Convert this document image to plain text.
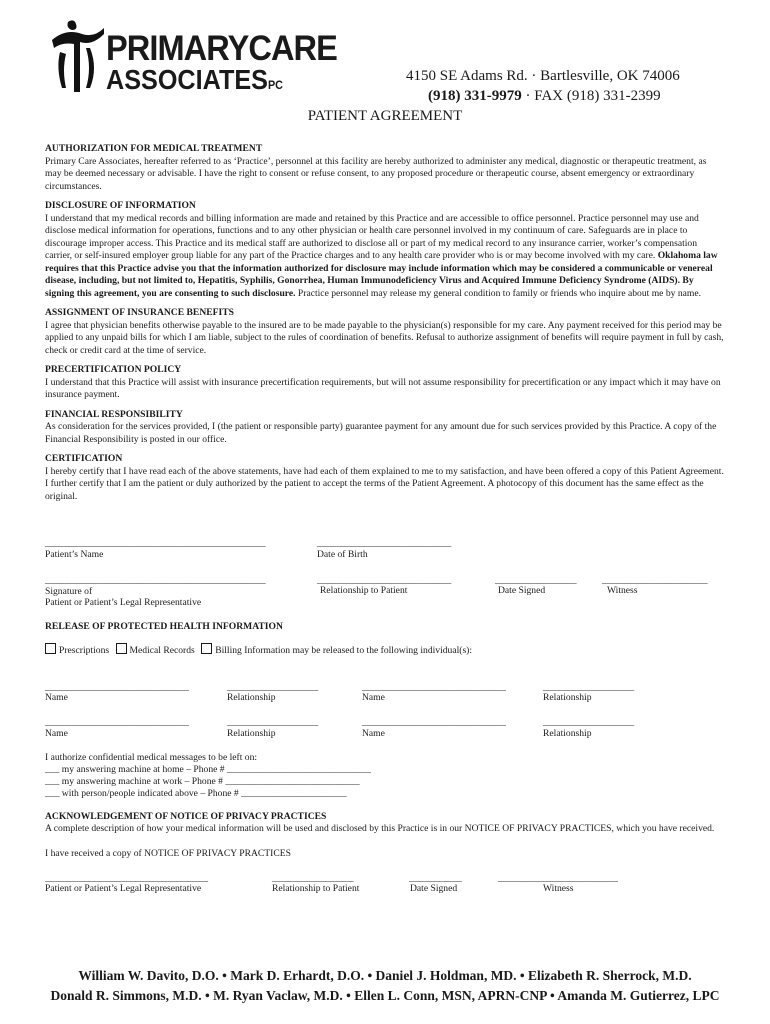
PRIMARYCARE
ASSOCIATESPC
4150 SE Adams Rd. · Bartlesville, OK 74006
(918) 331-9979 · FAX (918) 331-2399
PATIENT AGREEMENT
AUTHORIZATION FOR MEDICAL TREATMENT
Primary Care Associates, hereafter referred to as ‘Practice’, personnel at this facility are hereby authorized to administer any medical, diagnostic or therapeutic treatment, as may be deemed necessary or advisable. I have the right to consent or refuse consent, to any proposed procedure or therapeutic course, absent emergency or extraordinary circumstances.
DISCLOSURE OF INFORMATION
I understand that my medical records and billing information are made and retained by this Practice and are accessible to office personnel. Practice personnel may use and disclose medical information for operations, functions and to any other physician or health care personnel involved in my continuum of care. Safeguards are in place to discourage improper access. This Practice and its medical staff are authorized to disclose all or part of my medical record to any insurance carrier, worker’s compensation carrier, or self-insured employer group liable for any part of the Practice charges and to any health care provider who is or may become involved with my care. Oklahoma law requires that this Practice advise you that the information authorized for disclosure may include information which may be considered a communicable or venereal disease, including, but not limited to, Hepatitis, Syphilis, Gonorrhea, Human Immunodeficiency Virus and Acquired Immune Deficiency Syndrome (AIDS). By signing this agreement, you are consenting to such disclosure. Practice personnel may release my general condition to family or friends who inquire about me by name.
ASSIGNMENT OF INSURANCE BENEFITS
I agree that physician benefits otherwise payable to the insured are to be made payable to the physician(s) responsible for my care. Any payment received for this period may be applied to any unpaid bills for which I am liable, subject to the rules of coordination of benefits. Refusal to authorize assignment of benefits will require payment in full by cash, check or credit card at the time of service.
PRECERTIFICATION POLICY
I understand that this Practice will assist with insurance precertification requirements, but will not assume responsibility for precertification or any impact which it may have on insurance payment.
FINANCIAL RESPONSIBILITY
As consideration for the services provided, I (the patient or responsible party) guarantee payment for any amount due for such services provided by this Practice. A copy of the Financial Responsibility is posted in our office.
CERTIFICATION
I hereby certify that I have read each of the above statements, have had each of them explained to me to my satisfaction, and have been offered a copy of this Patient Agreement. I further certify that I am the patient or duly authorized by the patient to accept the terms of the Patient Agreement. A photocopy of this document has the same effect as the original.
______________________________________________	____________________________
Patient’s Name	Date of Birth
______________________________________________	____________________________	_________________	______________________
Signature of	Relationship to Patient	Date Signed	Witness
Patient or Patient’s Legal Representative
RELEASE OF PROTECTED HEALTH INFORMATION
Prescriptions Medical Records Billing Information may be released to the following individual(s):
______________________________	___________________	______________________________	___________________
Name	Relationship	Name	Relationship
______________________________	___________________	______________________________	___________________
Name	Relationship	Name	Relationship
I authorize confidential medical messages to be left on:
___ my answering machine at home – Phone # ______________________________
___ my answering machine at work – Phone # ____________________________
___ with person/people indicated above – Phone # ______________________
ACKNOWLEDGEMENT OF NOTICE OF PRIVACY PRACTICES
A complete description of how your medical information will be used and disclosed by this Practice is in our NOTICE OF PRIVACY PRACTICES, which you have received.
I have received a copy of NOTICE OF PRIVACY PRACTICES
__________________________________	_________________	___________	_________________________
Patient or Patient’s Legal Representative	Relationship to Patient	Date Signed	Witness
William W. Davito, D.O. • Mark D. Erhardt, D.O. • Daniel J. Holdman, MD. • Elizabeth R. Sherrock, M.D.
Donald R. Simmons, M.D. • M. Ryan Vaclaw, M.D. • Ellen L. Conn, MSN, APRN-CNP • Amanda M. Gutierrez, LPC
